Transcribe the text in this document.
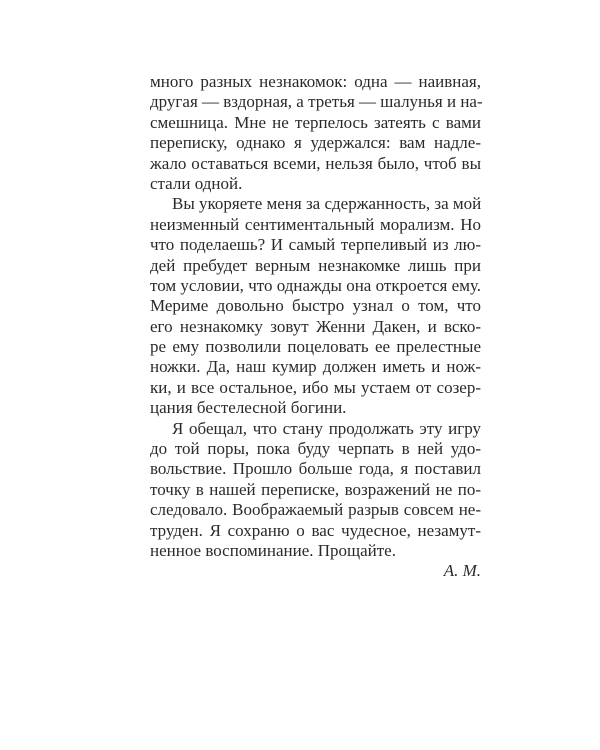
много разных незнакомок: одна — наивная,
другая — вздорная, а третья — шалунья и на-
смешница. Мне не терпелось затеять с вами
переписку, однако я удержался: вам надле-
жало оставаться всеми, нельзя было, чтоб вы
стали одной.
Вы укоряете меня за сдержанность, за мой
неизменный сентиментальный морализм. Но
что поделаешь? И самый терпеливый из лю-
дей пребудет верным незнакомке лишь при
том условии, что однажды она откроется ему.
Мериме довольно быстро узнал о том, что
его незнакомку зовут Женни Дакен, и вско-
ре ему позволили поцеловать ее прелестные
ножки. Да, наш кумир должен иметь и нож-
ки, и все остальное, ибо мы устаем от созер-
цания бестелесной богини.
Я обещал, что стану продолжать эту игру
до той поры, пока буду черпать в ней удо-
вольствие. Прошло больше года, я поставил
точку в нашей переписке, возражений не по-
следовало. Воображаемый разрыв совсем не-
труден. Я сохраню о вас чудесное, незамут-
ненное воспоминание. Прощайте.
А. М.
